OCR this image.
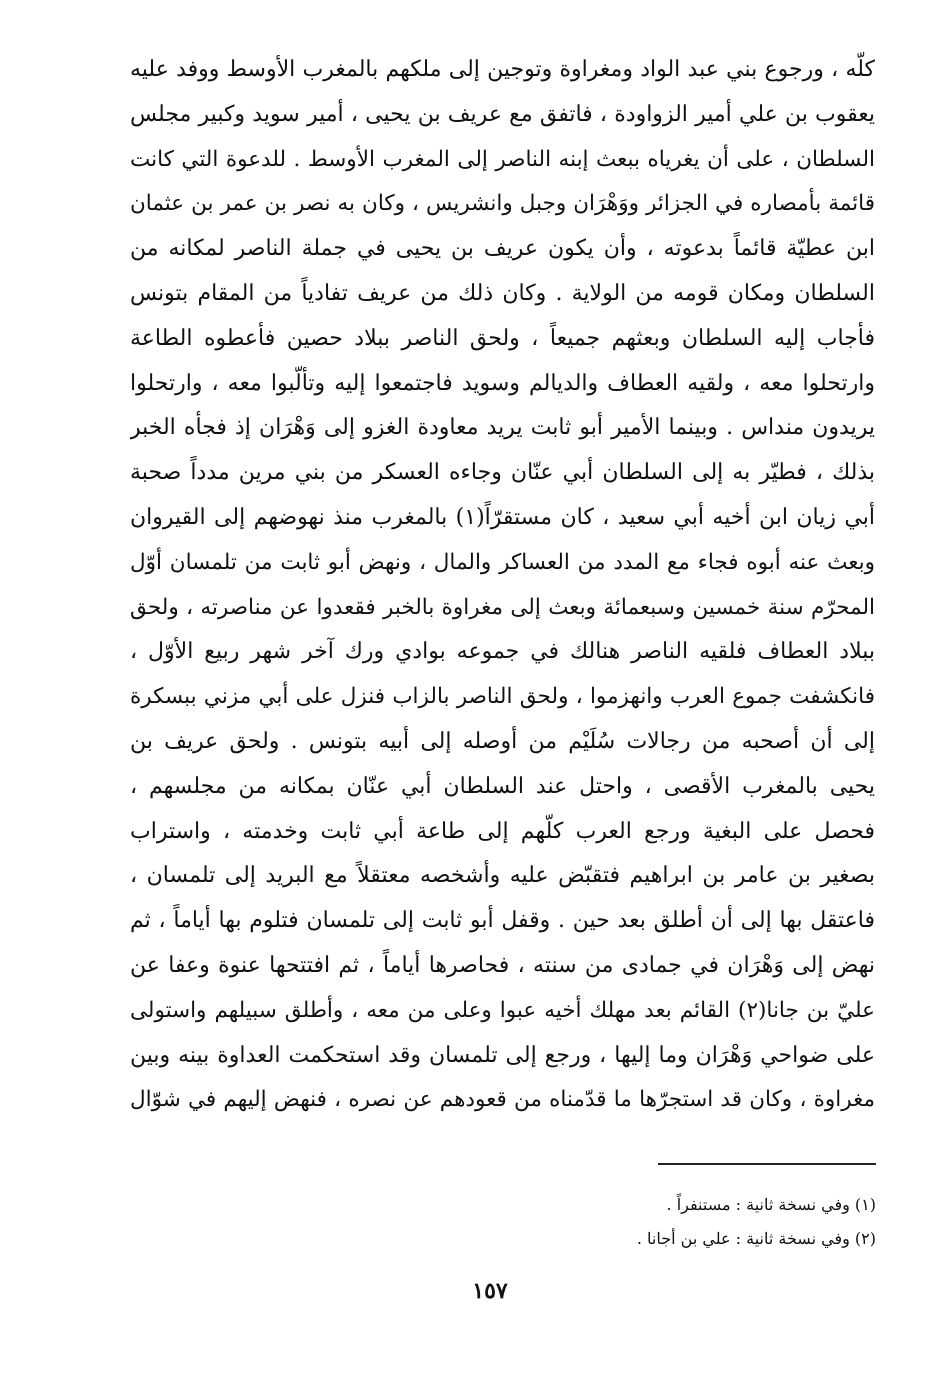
كلّه ، ورجوع بني عبد الواد ومغراوة وتوجين إلى ملكهم بالمغرب الأوسط ووفد عليه
يعقوب بن علي أمير الزواودة ، فاتفق مع عريف بن يحيى ، أمير سويد وكبير مجلس
السلطان ، على أن يغرياه ببعث إبنه الناصر إلى المغرب الأوسط . للدعوة التي كانت
قائمة بأمصاره في الجزائر ووَهْرَان وجبل وانشريس ، وكان به نصر بن عمر بن عثمان
ابن عطيّة قائماً بدعوته ، وأن يكون عريف بن يحيى في جملة الناصر لمكانه من
السلطان ومكان قومه من الولاية . وكان ذلك من عريف تفادياً من المقام بتونس
فأجاب إليه السلطان وبعثهم جميعاً ، ولحق الناصر ببلاد حصين فأعطوه الطاعة
وارتحلوا معه ، ولقيه العطاف والديالم وسويد فاجتمعوا إليه وتألّبوا معه ، وارتحلوا
يريدون منداس . وبينما الأمير أبو ثابت يريد معاودة الغزو إلى وَهْرَان إذ فجأه الخبر
بذلك ، فطيّر به إلى السلطان أبي عنّان وجاءه العسكر من بني مرين مدداً صحبة
أبي زيان ابن أخيه أبي سعيد ، كان مستقرّاً(١) بالمغرب منذ نهوضهم إلى القيروان
وبعث عنه أبوه فجاء مع المدد من العساكر والمال ، ونهض أبو ثابت من تلمسان أوّل
المحرّم سنة خمسين وسبعمائة وبعث إلى مغراوة بالخبر فقعدوا عن مناصرته ، ولحق
ببلاد العطاف فلقيه الناصر هنالك في جموعه بوادي ورك آخر شهر ربيع الأوّل ،
فانكشفت جموع العرب وانهزموا ، ولحق الناصر بالزاب فنزل على أبي مزني ببسكرة
إلى أن أصحبه من رجالات سُلَيْم من أوصله إلى أبيه بتونس . ولحق عريف بن
يحيى بالمغرب الأقصى ، واحتل عند السلطان أبي عنّان بمكانه من مجلسهم ،
فحصل على البغية ورجع العرب كلّهم إلى طاعة أبي ثابت وخدمته ، واستراب
بصغير بن عامر بن ابراهيم فتقبّض عليه وأشخصه معتقلاً مع البريد إلى تلمسان ،
فاعتقل بها إلى أن أطلق بعد حين . وقفل أبو ثابت إلى تلمسان فتلوم بها أياماً ، ثم
نهض إلى وَهْرَان في جمادى من سنته ، فحاصرها أياماً ، ثم افتتحها عنوة وعفا عن
عليّ بن جانا(٢) القائم بعد مهلك أخيه عبوا وعلى من معه ، وأطلق سبيلهم واستولى
على ضواحي وَهْرَان وما إليها ، ورجع إلى تلمسان وقد استحكمت العداوة بينه وبين
مغراوة ، وكان قد استجرّها ما قدّمناه من قعودهم عن نصره ، فنهض إليهم في شوّال
(١) وفي نسخة ثانية : مستنفراً .
(٢) وفي نسخة ثانية : علي بن أجانا .
١٥٧
